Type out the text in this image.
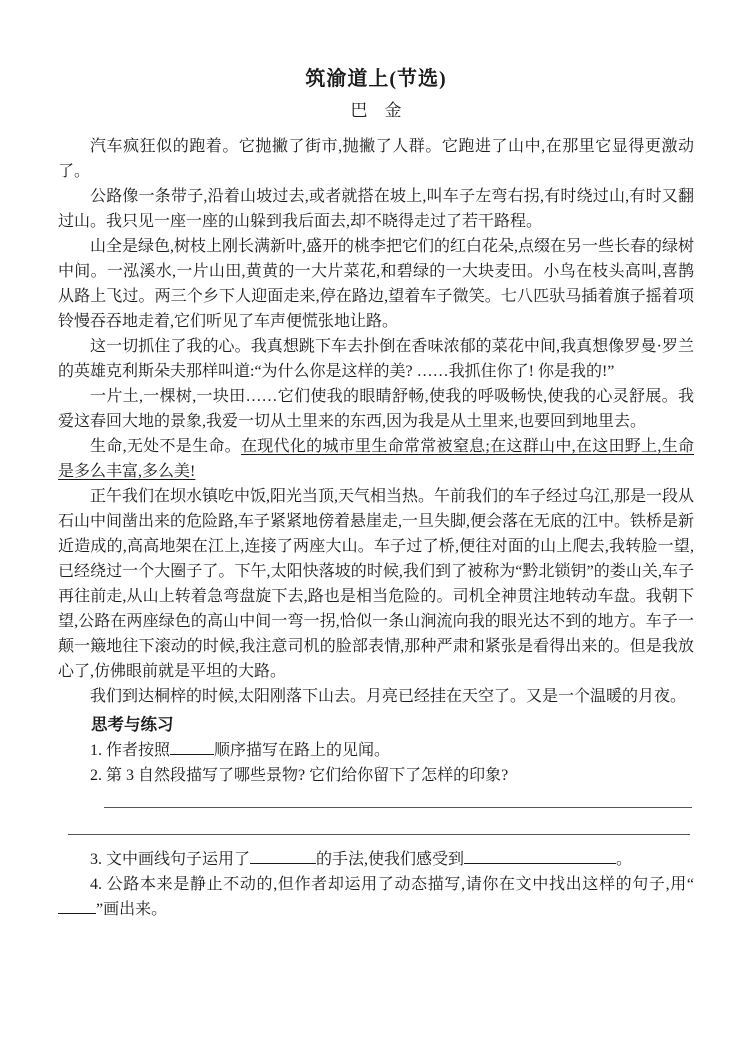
筑渝道上(节选)
巴　金

汽车疯狂似的跑着。它抛撇了街市,抛撇了人群。它跑进了山中,在那里它显得更激动了。

公路像一条带子,沿着山坡过去,或者就搭在坡上,叫车子左弯右拐,有时绕过山,有时又翻过山。我只见一座一座的山躲到我后面去,却不晓得走过了若干路程。

山全是绿色,树枝上刚长满新叶,盛开的桃李把它们的红白花朵,点缀在另一些长春的绿树中间。一泓溪水,一片山田,黄黄的一大片菜花,和碧绿的一大块麦田。小鸟在枝头高叫,喜鹊从路上飞过。两三个乡下人迎面走来,停在路边,望着车子微笑。七八匹驮马插着旗子摇着项铃慢吞吞地走着,它们听见了车声便慌张地让路。

这一切抓住了我的心。我真想跳下车去扑倒在香味浓郁的菜花中间,我真想像罗曼·罗兰的英雄克利斯朵夫那样叫道:“为什么你是这样的美? ……我抓住你了! 你是我的!”

一片土,一棵树,一块田……它们使我的眼睛舒畅,使我的呼吸畅快,使我的心灵舒展。我爱这春回大地的景象,我爱一切从土里来的东西,因为我是从土里来,也要回到地里去。

生命,无处不是生命。在现代化的城市里生命常常被窒息;在这群山中,在这田野上,生命是多么丰富,多么美!

正午我们在坝水镇吃中饭,阳光当顶,天气相当热。午前我们的车子经过乌江,那是一段从石山中间凿出来的危险路,车子紧紧地傍着悬崖走,一旦失脚,便会落在无底的江中。铁桥是新近造成的,高高地架在江上,连接了两座大山。车子过了桥,便往对面的山上爬去,我转脸一望,已经绕过一个大圈子了。下午,太阳快落坡的时候,我们到了被称为“黔北锁钥”的娄山关,车子再往前走,从山上转着急弯盘旋下去,路也是相当危险的。司机全神贯注地转动车盘。我朝下望,公路在两座绿色的高山中间一弯一拐,恰似一条山涧流向我的眼光达不到的地方。车子一颠一簸地往下滚动的时候,我注意司机的脸部表情,那种严肃和紧张是看得出来的。但是我放心了,仿佛眼前就是平坦的大路。

我们到达桐梓的时候,太阳刚落下山去。月亮已经挂在天空了。又是一个温暖的月夜。

思考与练习

1. 作者按照	顺序描写在路上的见闻。

2. 第 3 自然段描写了哪些景物? 它们给你留下了怎样的印象?

3. 文中画线句子运用了	的手法,使我们感受到	。

4. 公路本来是静止不动的,但作者却运用了动态描写,请你在文中找出这样的句子,用“”画出来。
